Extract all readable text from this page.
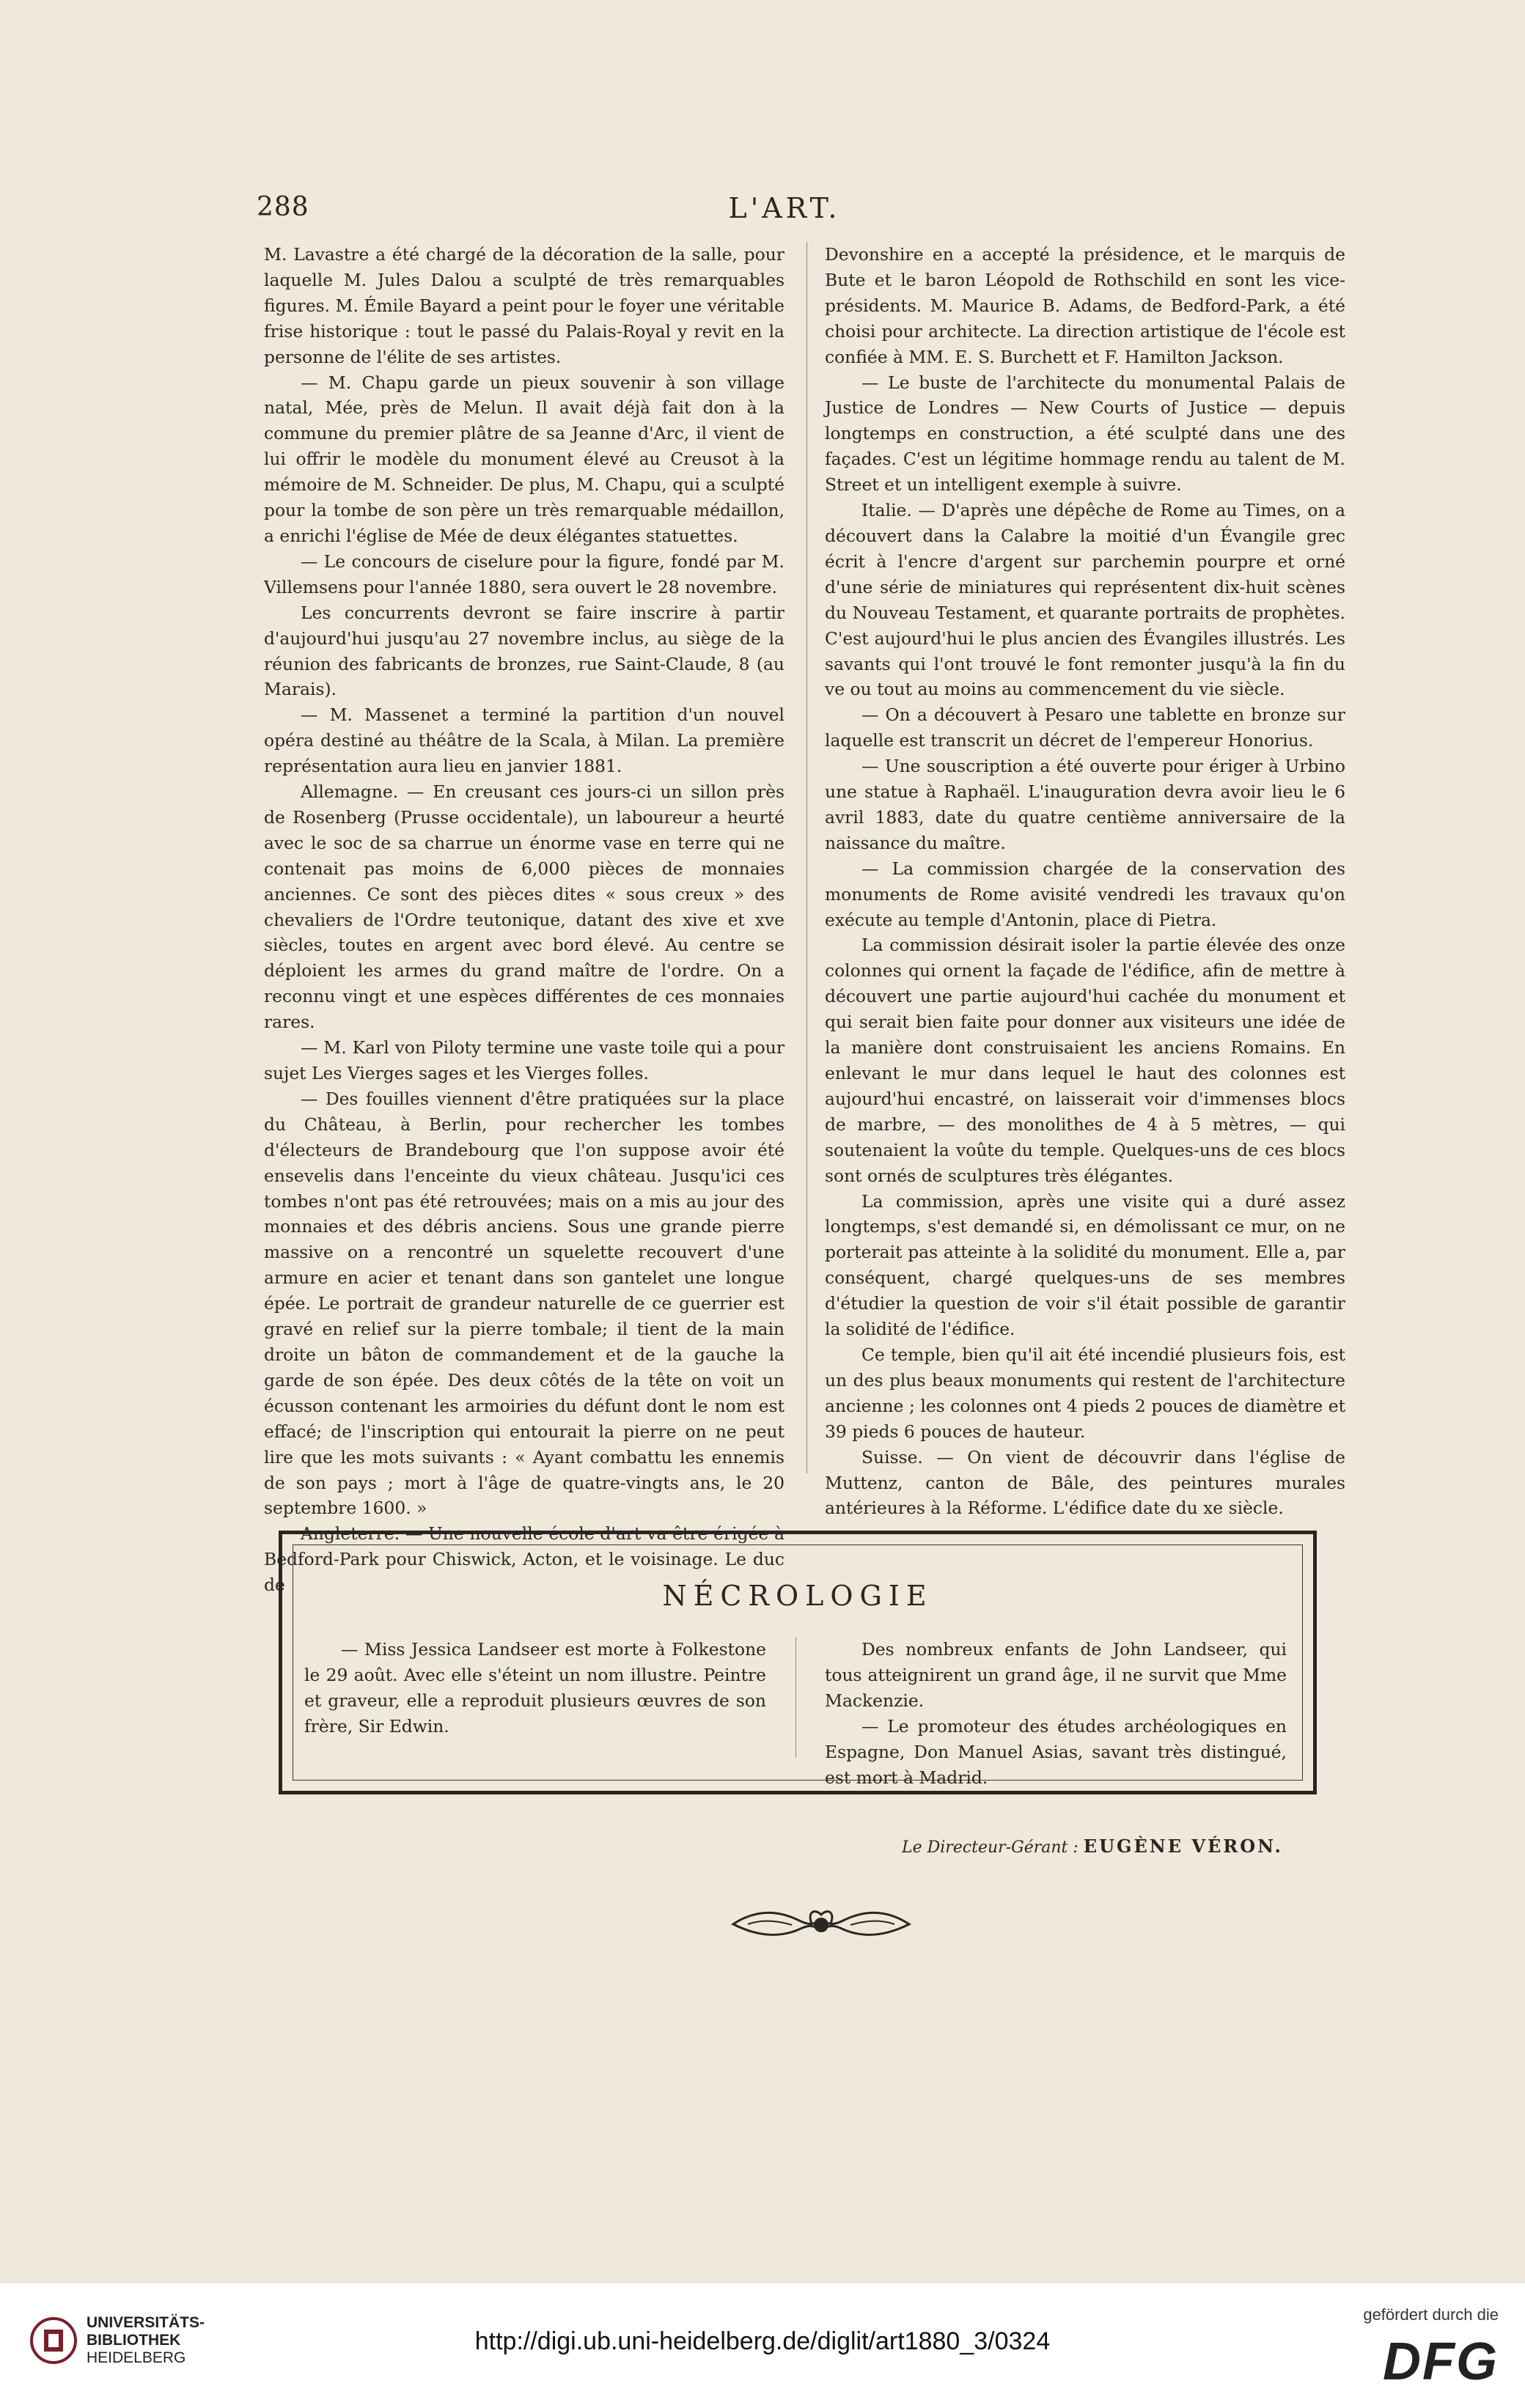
288	L'ART.

M. Lavastre a été chargé de la décoration de la salle, pour laquelle M. Jules Dalou a sculpté de très remarquables figures. M. Émile Bayard a peint pour le foyer une véritable frise historique : tout le passé du Palais-Royal y revit en la personne de l'élite de ses artistes.

— M. Chapu garde un pieux souvenir à son village natal, Mée, près de Melun. Il avait déjà fait don à la commune du premier plâtre de sa Jeanne d'Arc, il vient de lui offrir le modèle du monument élevé au Creusot à la mémoire de M. Schneider. De plus, M. Chapu, qui a sculpté pour la tombe de son père un très remarquable médaillon, a enrichi l'église de Mée de deux élégantes statuettes.

— Le concours de ciselure pour la figure, fondé par M. Villemsens pour l'année 1880, sera ouvert le 28 novembre.

Les concurrents devront se faire inscrire à partir d'aujourd'hui jusqu'au 27 novembre inclus, au siège de la réunion des fabricants de bronzes, rue Saint-Claude, 8 (au Marais).

— M. Massenet a terminé la partition d'un nouvel opéra destiné au théâtre de la Scala, à Milan. La première représentation aura lieu en janvier 1881.

Allemagne. — En creusant ces jours-ci un sillon près de Rosenberg (Prusse occidentale), un laboureur a heurté avec le soc de sa charrue un énorme vase en terre qui ne contenait pas moins de 6,000 pièces de monnaies anciennes. Ce sont des pièces dites « sous creux » des chevaliers de l'Ordre teutonique, datant des xive et xve siècles, toutes en argent avec bord élevé. Au centre se déploient les armes du grand maître de l'ordre. On a reconnu vingt et une espèces différentes de ces monnaies rares.

— M. Karl von Piloty termine une vaste toile qui a pour sujet Les Vierges sages et les Vierges folles.

— Des fouilles viennent d'être pratiquées sur la place du Château, à Berlin, pour rechercher les tombes d'électeurs de Brandebourg que l'on suppose avoir été ensevelis dans l'enceinte du vieux château. Jusqu'ici ces tombes n'ont pas été retrouvées; mais on a mis au jour des monnaies et des débris anciens. Sous une grande pierre massive on a rencontré un squelette recouvert d'une armure en acier et tenant dans son gantelet une longue épée. Le portrait de grandeur naturelle de ce guerrier est gravé en relief sur la pierre tombale; il tient de la main droite un bâton de commandement et de la gauche la garde de son épée. Des deux côtés de la tête on voit un écusson contenant les armoiries du défunt dont le nom est effacé; de l'inscription qui entourait la pierre on ne peut lire que les mots suivants : « Ayant combattu les ennemis de son pays ; mort à l'âge de quatre-vingts ans, le 20 septembre 1600. »

Angleterre. — Une nouvelle école d'art va être érigée à Bedford-Park pour Chiswick, Acton, et le voisinage. Le duc de

Devonshire en a accepté la présidence, et le marquis de Bute et le baron Léopold de Rothschild en sont les vice-présidents. M. Maurice B. Adams, de Bedford-Park, a été choisi pour architecte. La direction artistique de l'école est confiée à MM. E. S. Burchett et F. Hamilton Jackson.

— Le buste de l'architecte du monumental Palais de Justice de Londres — New Courts of Justice — depuis longtemps en construction, a été sculpté dans une des façades. C'est un légitime hommage rendu au talent de M. Street et un intelligent exemple à suivre.

Italie. — D'après une dépêche de Rome au Times, on a découvert dans la Calabre la moitié d'un Évangile grec écrit à l'encre d'argent sur parchemin pourpre et orné d'une série de miniatures qui représentent dix-huit scènes du Nouveau Testament, et quarante portraits de prophètes. C'est aujourd'hui le plus ancien des Évangiles illustrés. Les savants qui l'ont trouvé le font remonter jusqu'à la fin du ve ou tout au moins au commencement du vie siècle.

— On a découvert à Pesaro une tablette en bronze sur laquelle est transcrit un décret de l'empereur Honorius.

— Une souscription a été ouverte pour ériger à Urbino une statue à Raphaël. L'inauguration devra avoir lieu le 6 avril 1883, date du quatre centième anniversaire de la naissance du maître.

— La commission chargée de la conservation des monuments de Rome avisité vendredi les travaux qu'on exécute au temple d'Antonin, place di Pietra.

La commission désirait isoler la partie élevée des onze colonnes qui ornent la façade de l'édifice, afin de mettre à découvert une partie aujourd'hui cachée du monument et qui serait bien faite pour donner aux visiteurs une idée de la manière dont construisaient les anciens Romains. En enlevant le mur dans lequel le haut des colonnes est aujourd'hui encastré, on laisserait voir d'immenses blocs de marbre, — des monolithes de 4 à 5 mètres, — qui soutenaient la voûte du temple. Quelques-uns de ces blocs sont ornés de sculptures très élégantes.

La commission, après une visite qui a duré assez longtemps, s'est demandé si, en démolissant ce mur, on ne porterait pas atteinte à la solidité du monument. Elle a, par conséquent, chargé quelques-uns de ses membres d'étudier la question de voir s'il était possible de garantir la solidité de l'édifice.

Ce temple, bien qu'il ait été incendié plusieurs fois, est un des plus beaux monuments qui restent de l'architecture ancienne ; les colonnes ont 4 pieds 2 pouces de diamètre et 39 pieds 6 pouces de hauteur.

Suisse. — On vient de découvrir dans l'église de Muttenz, canton de Bâle, des peintures murales antérieures à la Réforme. L'édifice date du xe siècle.

NÉCROLOGIE

— Miss Jessica Landseer est morte à Folkestone le 29 août. Avec elle s'éteint un nom illustre. Peintre et graveur, elle a reproduit plusieurs œuvres de son frère, Sir Edwin.

Des nombreux enfants de John Landseer, qui tous atteignirent un grand âge, il ne survit que Mme Mackenzie.

— Le promoteur des études archéologiques en Espagne, Don Manuel Asias, savant très distingué, est mort à Madrid.

Le Directeur-Gérant : EUGÈNE VÉRON.
UNIVERSITÄTS-
BIBLIOTHEK
HEIDELBERG
http://digi.ub.uni-heidelberg.de/diglit/art1880_3/0324
gefördert durch die
DFG
